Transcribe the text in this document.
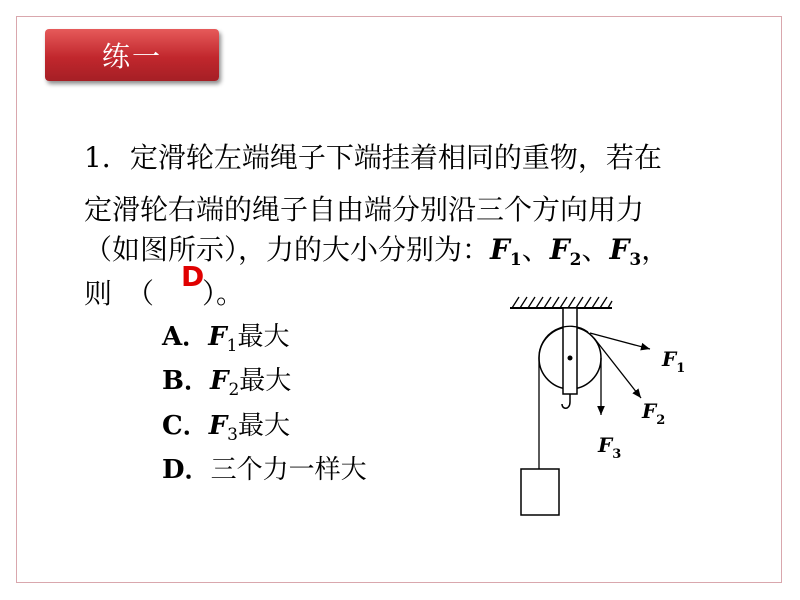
练一
1．定滑轮左端绳子下端挂着相同的重物，若在
定滑轮右端的绳子自由端分别沿三个方向用力
（如图所示），力的大小分别为：$F_1$、$F_2$、$F_3$，
则　（ ）。
D
A．$F_1$最大
B．$F_2$最大
C．$F_3$最大
D．三个力一样大
$F_1$
$F_2$
$F_3$
